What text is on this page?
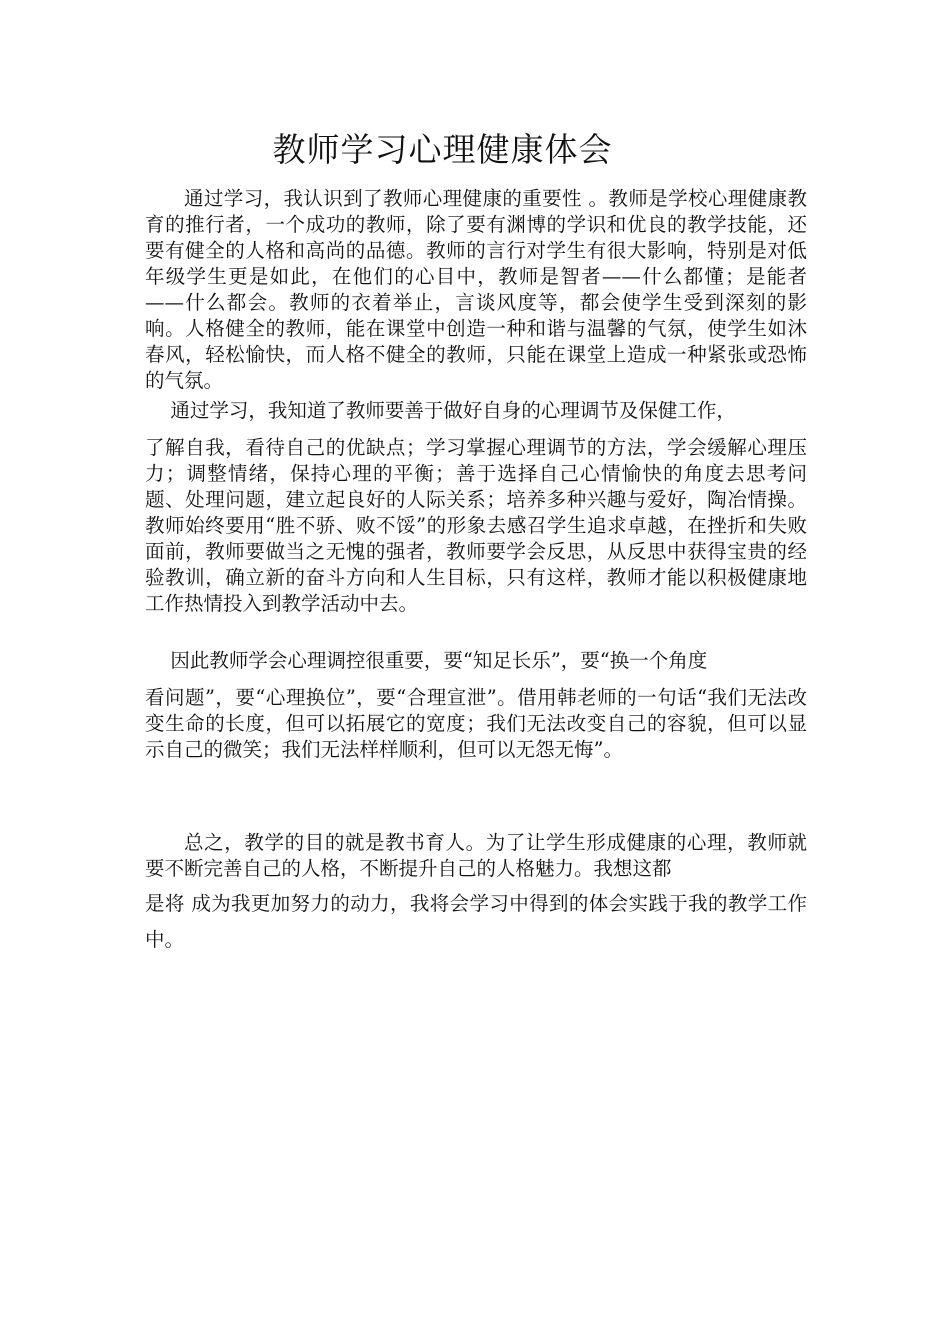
教师学习心理健康体会
通过学习，我认识到了教师心理健康的重要性 。教师是学校心理健康教育的推行者，一个成功的教师，除了要有渊博的学识和优良的教学技能，还要有健全的人格和高尚的品德。教师的言行对学生有很大影响，特别是对低年级学生更是如此，在他们的心目中，教师是智者——什么都懂；是能者——什么都会。教师的衣着举止，言谈风度等，都会使学生受到深刻的影响。人格健全的教师，能在课堂中创造一种和谐与温馨的气氛，使学生如沐春风，轻松愉快，而人格不健全的教师，只能在课堂上造成一种紧张或恐怖的气氛。
通过学习，我知道了教师要善于做好自身的心理调节及保健工作，
了解自我，看待自己的优缺点；学习掌握心理调节的方法，学会缓解心理压力；调整情绪，保持心理的平衡；善于选择自己心情愉快的角度去思考问题、处理问题，建立起良好的人际关系；培养多种兴趣与爱好，陶冶情操。教师始终要用“胜不骄、败不馁”的形象去感召学生追求卓越，在挫折和失败面前，教师要做当之无愧的强者，教师要学会反思，从反思中获得宝贵的经验教训，确立新的奋斗方向和人生目标，只有这样，教师才能以积极健康地工作热情投入到教学活动中去。
因此教师学会心理调控很重要，要“知足长乐”，要“换一个角度
看问题”，要“心理换位”，要“合理宣泄”。借用韩老师的一句话“我们无法改变生命的长度，但可以拓展它的宽度；我们无法改变自己的容貌，但可以显示自己的微笑；我们无法样样顺利，但可以无怨无悔”。
总之，教学的目的就是教书育人。为了让学生形成健康的心理，教师就要不断完善自己的人格，不断提升自己的人格魅力。我想这都
是将 成为我更加努力的动力，我将会学习中得到的体会实践于我的教学工作中。
